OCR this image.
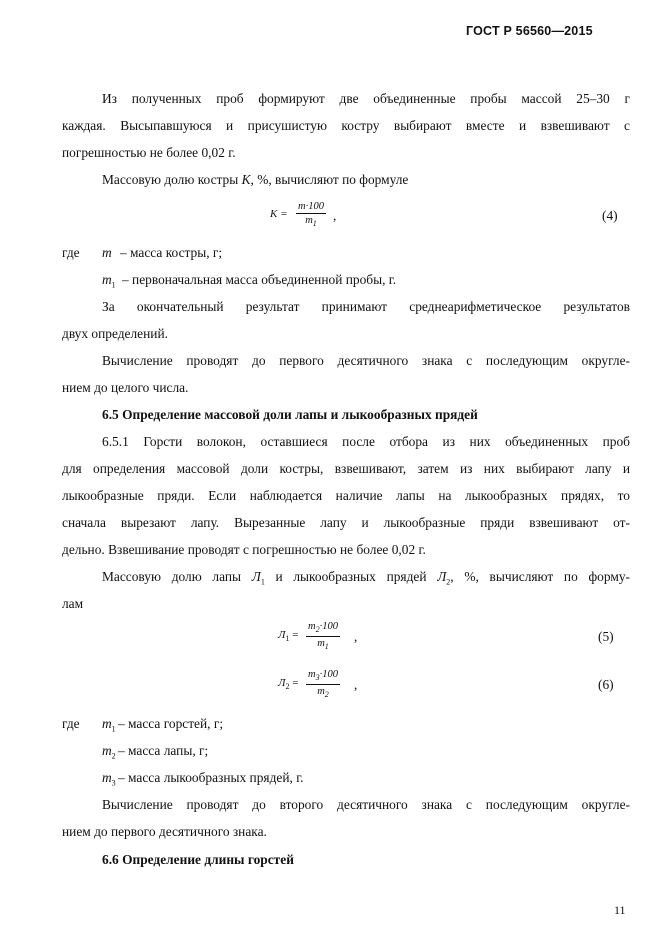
ГОСТ Р 56560—2015
Из полученных проб формируют две объединенные пробы массой 25–30 г
каждая. Высыпавшуюся и присушистую костру выбирают вместе и взвешивают с
погрешностью не более 0,02 г.
Массовую долю костры K, %, вычисляют по формуле
$K = \frac{m\cdot 100}{m_1}$ ,	(4)
где m – масса костры, г;
$m_1$ – первоначальная масса объединенной пробы, г.
За окончательный результат принимают среднеарифметическое результатов
двух определений.
Вычисление проводят до первого десятичного знака с последующим округле-
нием до целого числа.
6.5 Определение массовой доли лапы и лыкообразных прядей
6.5.1 Горсти волокон, оставшиеся после отбора из них объединенных проб
для определения массовой доли костры, взвешивают, затем из них выбирают лапу и
лыкообразные пряди. Если наблюдается наличие лапы на лыкообразных прядях, то
сначала вырезают лапу. Вырезанные лапу и лыкообразные пряди взвешивают от-
дельно. Взвешивание проводят с погрешностью не более 0,02 г.
Массовую долю лапы $Л_1$ и лыкообразных прядей $Л_2$, %, вычисляют по форму-
лам
$Л_1 = \frac{m_2\cdot 100}{m_1}$ ,	(5)
$Л_2 = \frac{m_3\cdot 100}{m_2}$ ,	(6)
где $m_1$ – масса горстей, г;
$m_2$ – масса лапы, г;
$m_3$ – масса лыкообразных прядей, г.
Вычисление проводят до второго десятичного знака с последующим округле-
нием до первого десятичного знака.
6.6 Определение длины горстей
11
